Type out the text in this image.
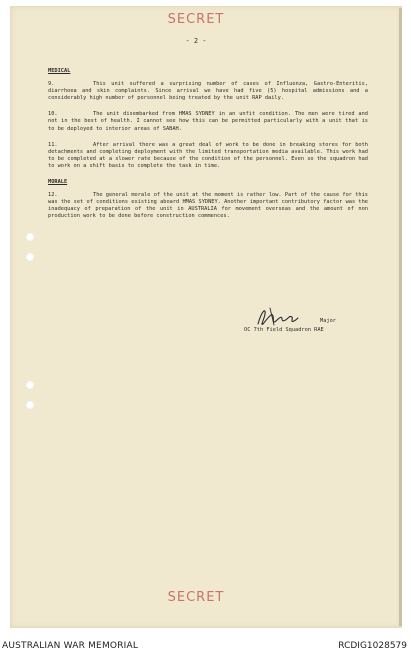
SECRET
- 2 -
MEDICAL
9.	This unit suffered a surprising number of cases of Influenza, Gastro-Enteritis, diarrhoea and skin complaints. Since arrival we have had five (5) hospital admissions and a considerably high number of personnel being treated by the unit RAP daily.
10.	The unit disembarked from HMAS SYDNEY in an unfit condition. The men were tired and not in the best of health. I cannot see how this can be permitted particularly with a unit that is to be deployed to interior areas of SABAH.
11.	After arrival there was a great deal of work to be done in breaking stores for both detachments and completing deployment with the limited transportation media available. This work had to be completed at a slower rate because of the condition of the personnel. Even so the squadron had to work on a shift basis to complete the task in time.
MORALE
12.	The general morale of the unit at the moment is rather low. Part of the cause for this was the set of conditions existing aboard HMAS SYDNEY. Another important contributory factor was the inadequacy of preparation of the unit in AUSTRALIA for movement overseas and the amount of non production work to be done before construction commences.
Major
OC 7th Field Squadron RAE
SECRET
AUSTRALIAN WAR MEMORIAL	RCDIG1028579
